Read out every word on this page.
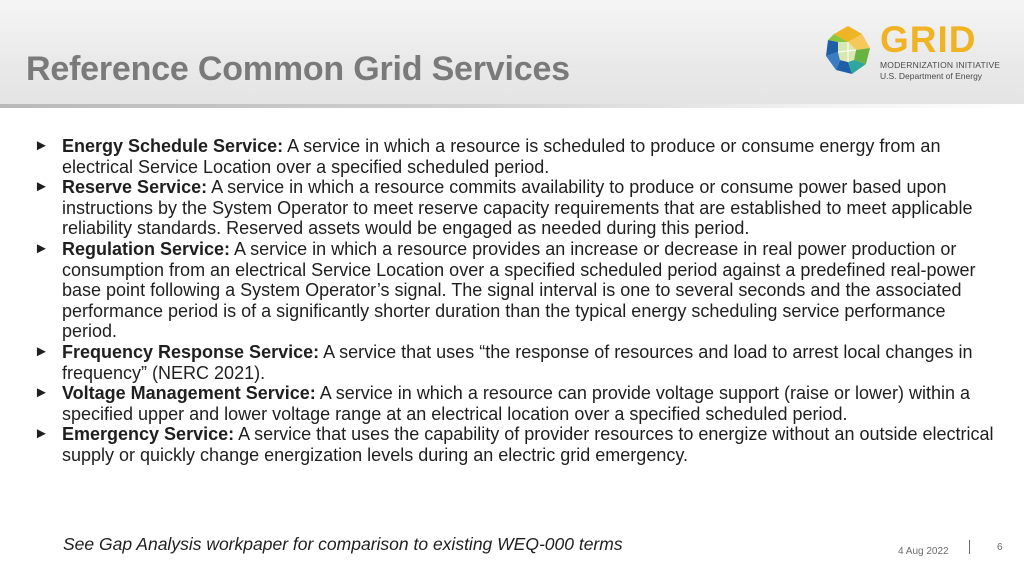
Reference Common Grid Services
GRID
MODERNIZATION INITIATIVE
U.S. Department of Energy
► Energy Schedule Service: A service in which a resource is scheduled to produce or consume energy from an electrical Service Location over a specified scheduled period.
► Reserve Service: A service in which a resource commits availability to produce or consume power based upon instructions by the System Operator to meet reserve capacity requirements that are established to meet applicable reliability standards. Reserved assets would be engaged as needed during this period.
► Regulation Service: A service in which a resource provides an increase or decrease in real power production or consumption from an electrical Service Location over a specified scheduled period against a predefined real-power base point following a System Operator’s signal. The signal interval is one to several seconds and the associated performance period is of a significantly shorter duration than the typical energy scheduling service performance period.
► Frequency Response Service: A service that uses “the response of resources and load to arrest local changes in frequency” (NERC 2021).
► Voltage Management Service: A service in which a resource can provide voltage support (raise or lower) within a specified upper and lower voltage range at an electrical location over a specified scheduled period.
► Emergency Service: A service that uses the capability of provider resources to energize without an outside electrical supply or quickly change energization levels during an electric grid emergency.
See Gap Analysis workpaper for comparison to existing WEQ-000 terms	4 Aug 2022	6
